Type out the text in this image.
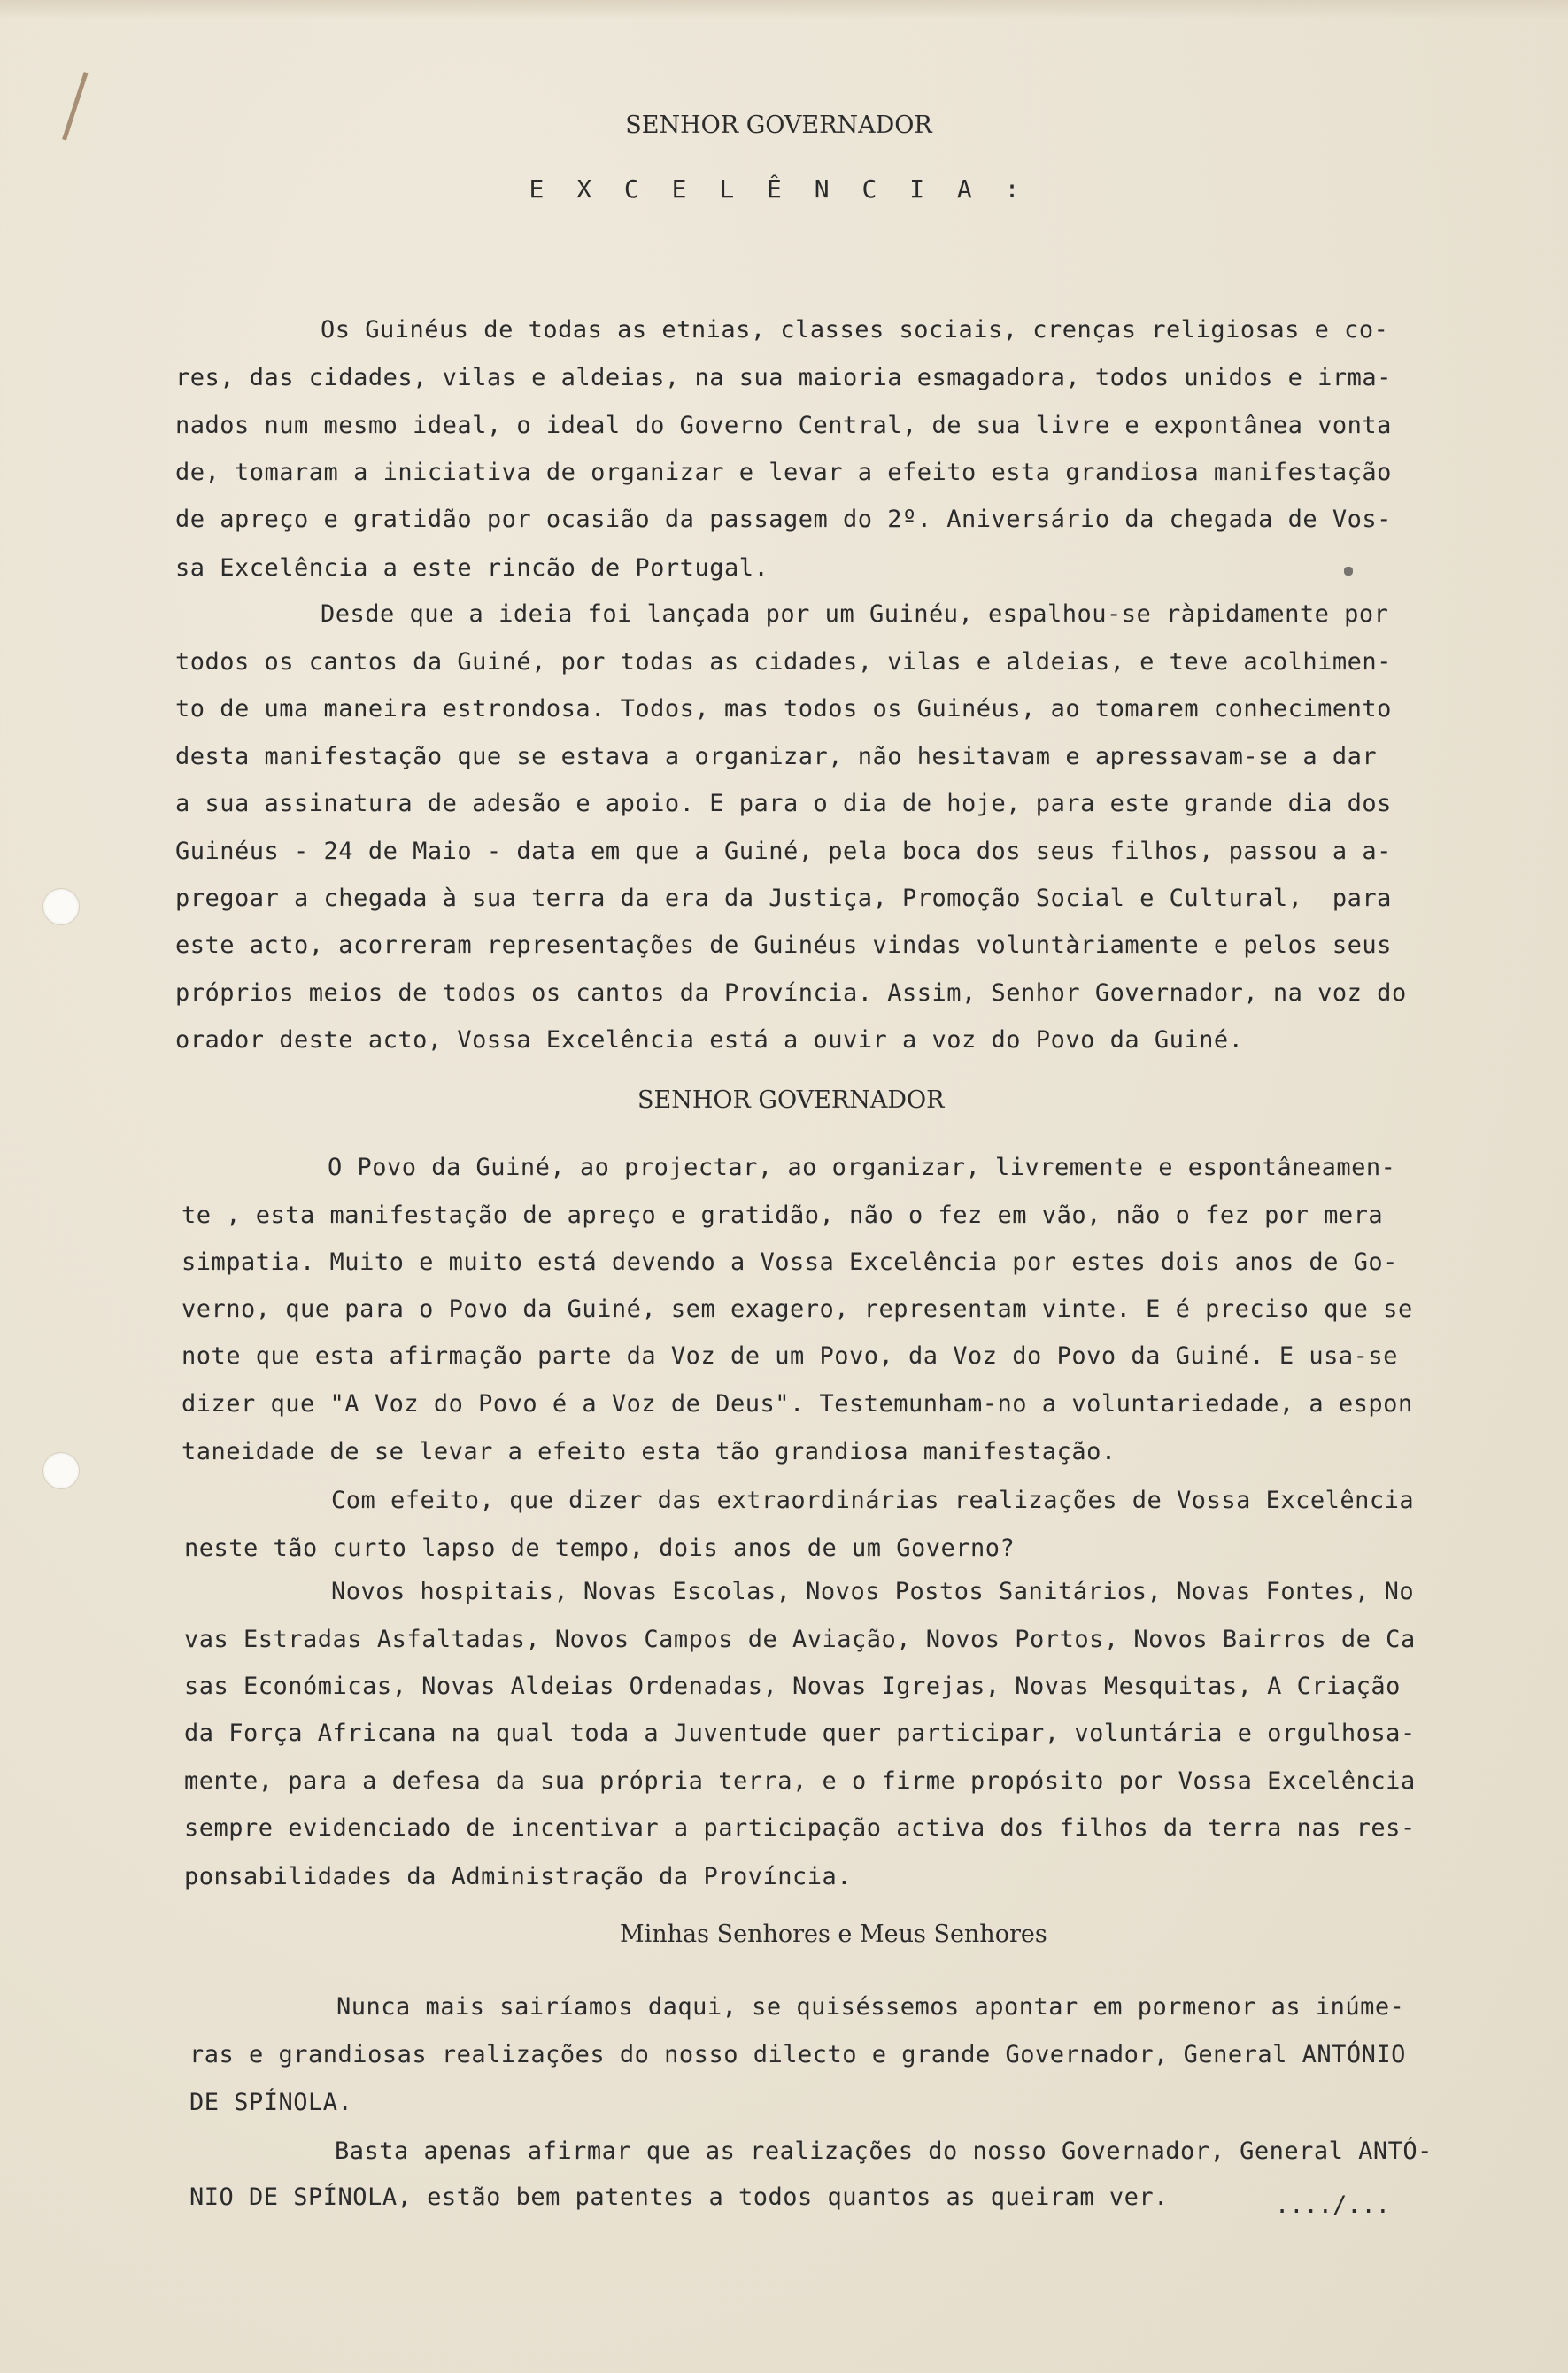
SENHOR GOVERNADOR
E X C E L Ê N C I A :
Os Guinéus de todas as etnias, classes sociais, crenças religiosas e co-
res, das cidades, vilas e aldeias, na sua maioria esmagadora, todos unidos e irma-
nados num mesmo ideal, o ideal do Governo Central, de sua livre e expontânea vonta
de, tomaram a iniciativa de organizar e levar a efeito esta grandiosa manifestação
de apreço e gratidão por ocasião da passagem do 2º. Aniversário da chegada de Vos-
sa Excelência a este rincão de Portugal.
Desde que a ideia foi lançada por um Guinéu, espalhou-se ràpidamente por
todos os cantos da Guiné, por todas as cidades, vilas e aldeias, e teve acolhimen-
to de uma maneira estrondosa. Todos, mas todos os Guinéus, ao tomarem conhecimento
desta manifestação que se estava a organizar, não hesitavam e apressavam-se a dar
a sua assinatura de adesão e apoio. E para o dia de hoje, para este grande dia dos
Guinéus - 24 de Maio - data em que a Guiné, pela boca dos seus filhos, passou a a-
pregoar a chegada à sua terra da era da Justiça, Promoção Social e Cultural,  para
este acto, acorreram representações de Guinéus vindas voluntàriamente e pelos seus
próprios meios de todos os cantos da Província. Assim, Senhor Governador, na voz do
orador deste acto, Vossa Excelência está a ouvir a voz do Povo da Guiné.
SENHOR GOVERNADOR
O Povo da Guiné, ao projectar, ao organizar, livremente e espontâneamen-
te , esta manifestação de apreço e gratidão, não o fez em vão, não o fez por mera
simpatia. Muito e muito está devendo a Vossa Excelência por estes dois anos de Go-
verno, que para o Povo da Guiné, sem exagero, representam vinte. E é preciso que se
note que esta afirmação parte da Voz de um Povo, da Voz do Povo da Guiné. E usa-se
dizer que "A Voz do Povo é a Voz de Deus". Testemunham-no a voluntariedade, a espon
taneidade de se levar a efeito esta tão grandiosa manifestação.
Com efeito, que dizer das extraordinárias realizações de Vossa Excelência
neste tão curto lapso de tempo, dois anos de um Governo?
Novos hospitais, Novas Escolas, Novos Postos Sanitários, Novas Fontes, No
vas Estradas Asfaltadas, Novos Campos de Aviação, Novos Portos, Novos Bairros de Ca
sas Económicas, Novas Aldeias Ordenadas, Novas Igrejas, Novas Mesquitas, A Criação
da Força Africana na qual toda a Juventude quer participar, voluntária e orgulhosa-
mente, para a defesa da sua própria terra, e o firme propósito por Vossa Excelência
sempre evidenciado de incentivar a participação activa dos filhos da terra nas res-
ponsabilidades da Administração da Província.
Minhas Senhores e Meus Senhores
Nunca mais sairíamos daqui, se quiséssemos apontar em pormenor as inúme-
ras e grandiosas realizações do nosso dilecto e grande Governador, General ANTÓNIO
DE SPÍNOLA.
Basta apenas afirmar que as realizações do nosso Governador, General ANTÓ-
NIO DE SPÍNOLA, estão bem patentes a todos quantos as queiram ver.	..../...
